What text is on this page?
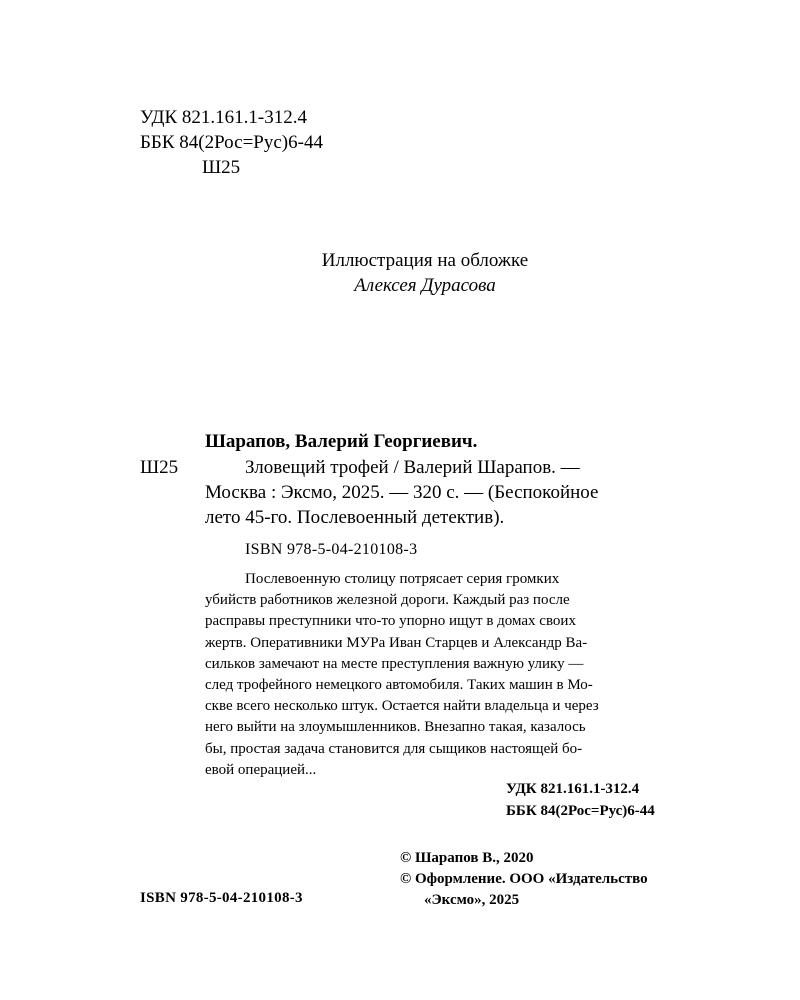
УДК 821.161.1-312.4
ББК 84(2Рос=Рус)6-44
Ш25
Иллюстрация на обложке
Алексея Дурасова
Шарапов, Валерий Георгиевич.
Ш25	Зловещий трофей / Валерий Шарапов. —
Москва : Эксмо, 2025. — 320 с. — (Беспокойное
лето 45-го. Послевоенный детектив).
ISBN 978-5-04-210108-3
Послевоенную столицу потрясает серия громких
убийств работников железной дороги. Каждый раз после
расправы преступники что-то упорно ищут в домах своих
жертв. Оперативники МУРа Иван Старцев и Александр Ва-
сильков замечают на месте преступления важную улику —
след трофейного немецкого автомобиля. Таких машин в Мо-
скве всего несколько штук. Остается найти владельца и через
него выйти на злоумышленников. Внезапно такая, казалось
бы, простая задача становится для сыщиков настоящей бо-
евой операцией...
УДК 821.161.1-312.4
ББК 84(2Рос=Рус)6-44
© Шарапов В., 2020
© Оформление. ООО «Издательство
«Эксмо», 2025
ISBN 978-5-04-210108-3
